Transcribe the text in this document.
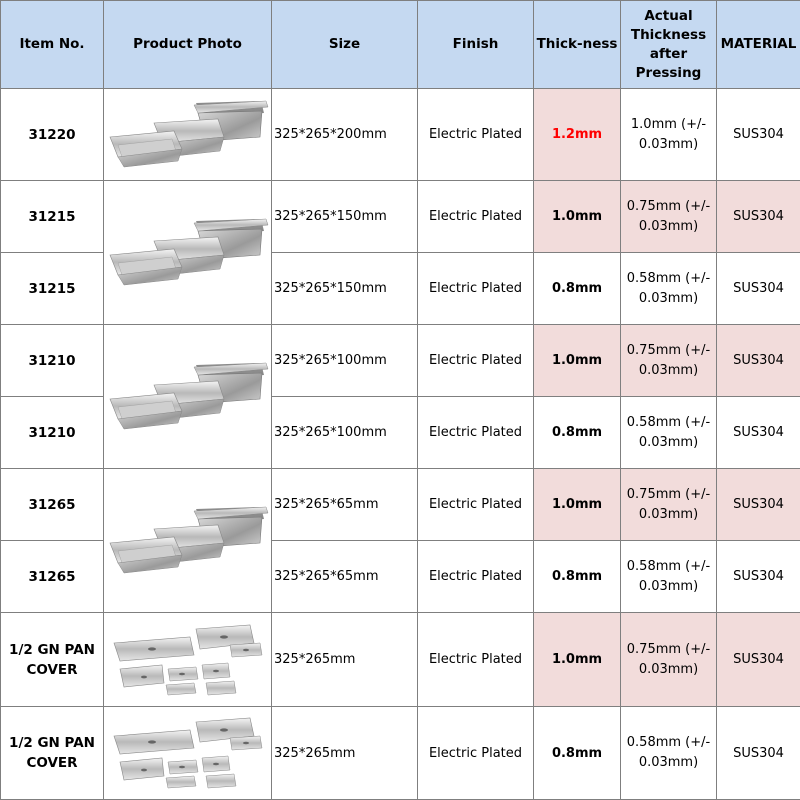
Item No.	Product Photo	Size	Finish	Thick-ness	Actual
Thickness
after
Pressing	MATERIAL
31220		325*265*200mm	Electric Plated	1.2mm	1.0mm (+/-
0.03mm)	SUS304
31215		325*265*150mm	Electric Plated	1.0mm	0.75mm (+/-
0.03mm)	SUS304
31215		325*265*150mm	Electric Plated	0.8mm	0.58mm (+/-
0.03mm)	SUS304
31210		325*265*100mm	Electric Plated	1.0mm	0.75mm (+/-
0.03mm)	SUS304
31210		325*265*100mm	Electric Plated	0.8mm	0.58mm (+/-
0.03mm)	SUS304
31265		325*265*65mm	Electric Plated	1.0mm	0.75mm (+/-
0.03mm)	SUS304
31265		325*265*65mm	Electric Plated	0.8mm	0.58mm (+/-
0.03mm)	SUS304
1/2 GN PAN
COVER		325*265mm	Electric Plated	1.0mm	0.75mm (+/-
0.03mm)	SUS304
1/2 GN PAN
COVER		325*265mm	Electric Plated	0.8mm	0.58mm (+/-
0.03mm)	SUS304
